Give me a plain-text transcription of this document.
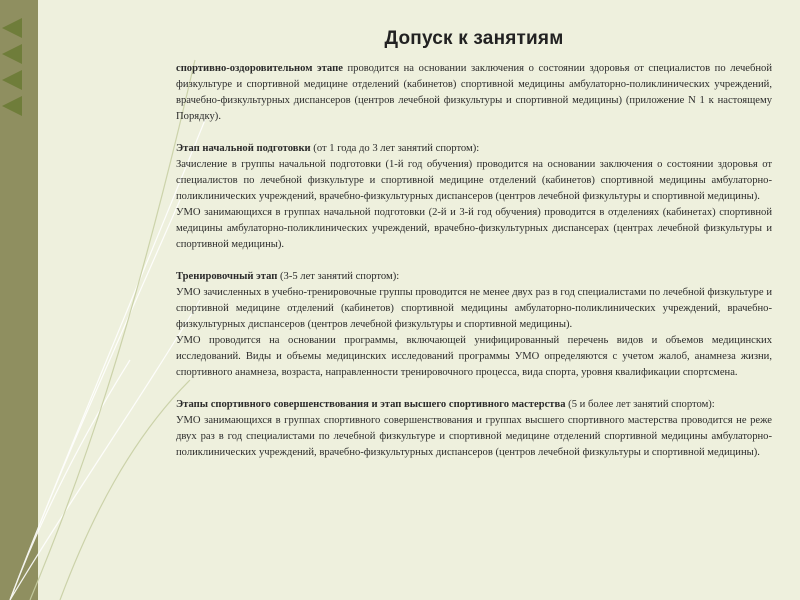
Допуск к занятиям

спортивно-оздоровительном этапе проводится на основании заключения о состоянии здоровья от специалистов по лечебной физкультуре и спортивной медицине отделений (кабинетов) спортивной медицины амбулаторно-поликлинических учреждений, врачебно-физкультурных диспансеров (центров лечебной физкультуры и спортивной медицины) (приложение N 1 к настоящему Порядку).

Этап начальной подготовки (от 1 года до 3 лет занятий спортом):

Зачисление в группы начальной подготовки (1-й год обучения) проводится на основании заключения о состоянии здоровья от специалистов по лечебной физкультуре и спортивной медицине отделений (кабинетов) спортивной медицины амбулаторно-поликлинических учреждений, врачебно-физкультурных диспансеров (центров лечебной физкультуры и спортивной медицины).

УМО занимающихся в группах начальной подготовки (2-й и 3-й год обучения) проводится в отделениях (кабинетах) спортивной медицины амбулаторно-поликлинических учреждений, врачебно-физкультурных диспансерах (центрах лечебной физкультуры и спортивной медицины).

Тренировочный этап (3-5 лет занятий спортом):

УМО зачисленных в учебно-тренировочные группы проводится не менее двух раз в год специалистами по лечебной физкультуре и спортивной медицине отделений (кабинетов) спортивной медицины амбулаторно-поликлинических учреждений, врачебно-физкультурных диспансеров (центров лечебной физкультуры и спортивной медицины).

УМО проводится на основании программы, включающей унифицированный перечень видов и объемов медицинских исследований. Виды и объемы медицинских исследований программы УМО определяются с учетом жалоб, анамнеза жизни, спортивного анамнеза, возраста, направленности тренировочного процесса, вида спорта, уровня квалификации спортсмена.

Этапы спортивного совершенствования и этап высшего спортивного мастерства (5 и более лет занятий спортом):

УМО занимающихся в группах спортивного совершенствования и группах высшего спортивного мастерства проводится не реже двух раз в год специалистами по лечебной физкультуре и спортивной медицине отделений спортивной медицины амбулаторно-поликлинических учреждений, врачебно-физкультурных диспансеров (центров лечебной физкультуры и спортивной медицины).
